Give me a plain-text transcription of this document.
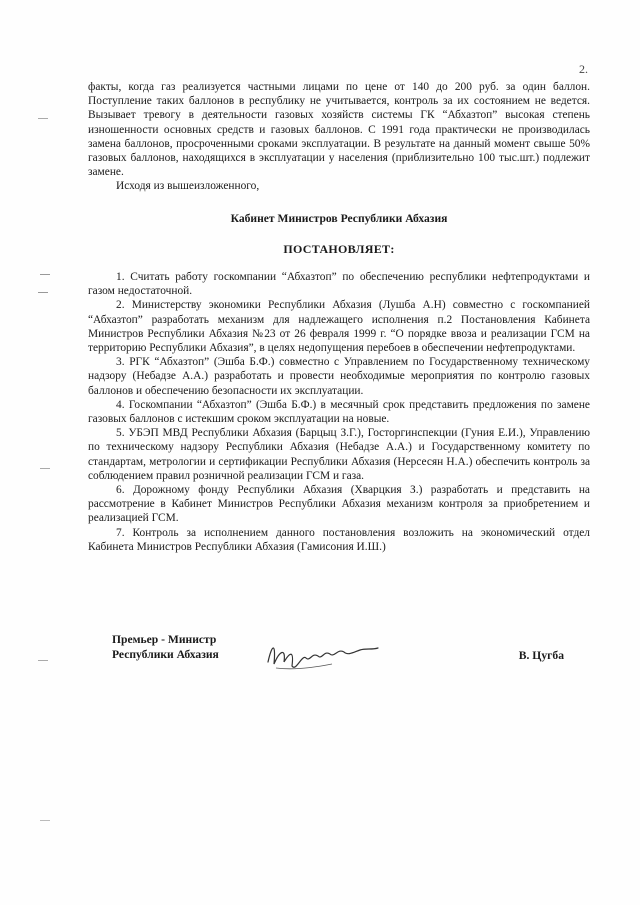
2.

факты, когда газ реализуется частными лицами по цене от 140 до 200 руб. за один баллон. Поступление таких баллонов в республику не учитывается, контроль за их состоянием не ведется. Вызывает тревогу в деятельности газовых хозяйств системы ГК “Абхазтоп” высокая степень изношенности основных средств и газовых баллонов. С 1991 года практически не производилась замена баллонов, просроченными сроками эксплуатации. В результате на данный момент свыше 50% газовых баллонов, находящихся в эксплуатации у населения (приблизительно 100 тыс.шт.) подлежит замене.

Исходя из вышеизложенного,

Кабинет Министров Республики Абхазия

ПОСТАНОВЛЯЕТ:

1. Считать работу госкомпании “Абхазтоп” по обеспечению республики нефтепродуктами и газом недостаточной.

2. Министерству экономики Республики Абхазия (Лушба А.Н) совместно с госкомпанией “Абхазтоп” разработать механизм для надлежащего исполнения п.2 Постановления Кабинета Министров Республики Абхазия №23 от 26 февраля 1999 г. “О порядке ввоза и реализации ГСМ на территорию Республики Абхазия”, в целях недопущения перебоев в обеспечении нефтепродуктами.

3. РГК “Абхазтоп” (Эшба Б.Ф.) совместно с Управлением по Государственному техническому надзору (Небадзе А.А.) разработать и провести необходимые мероприятия по контролю газовых баллонов и обеспечению безопасности их эксплуатации.

4. Госкомпании “Абхазтоп” (Эшба Б.Ф.) в месячный срок представить предложения по замене газовых баллонов с истекшим сроком эксплуатации на новые.

5. УБЭП МВД Республики Абхазия (Барцыц З.Г.), Госторгинспекции (Гуния Е.И.), Управлению по техническому надзору Республики Абхазия (Небадзе А.А.) и Государственному комитету по стандартам, метрологии и сертификации Республики Абхазия (Нерсесян Н.А.) обеспечить контроль за соблюдением правил розничной реализации ГСМ и газа.

6. Дорожному фонду Республики Абхазия (Хварцкия З.) разработать и представить на рассмотрение в Кабинет Министров Республики Абхазия механизм контроля за приобретением и реализацией ГСМ.

7. Контроль за исполнением данного постановления возложить на экономический отдел Кабинета Министров Республики Абхазия (Гамисония И.Ш.)

Премьер - Министр
Республики Абхазия	В. Цугба
